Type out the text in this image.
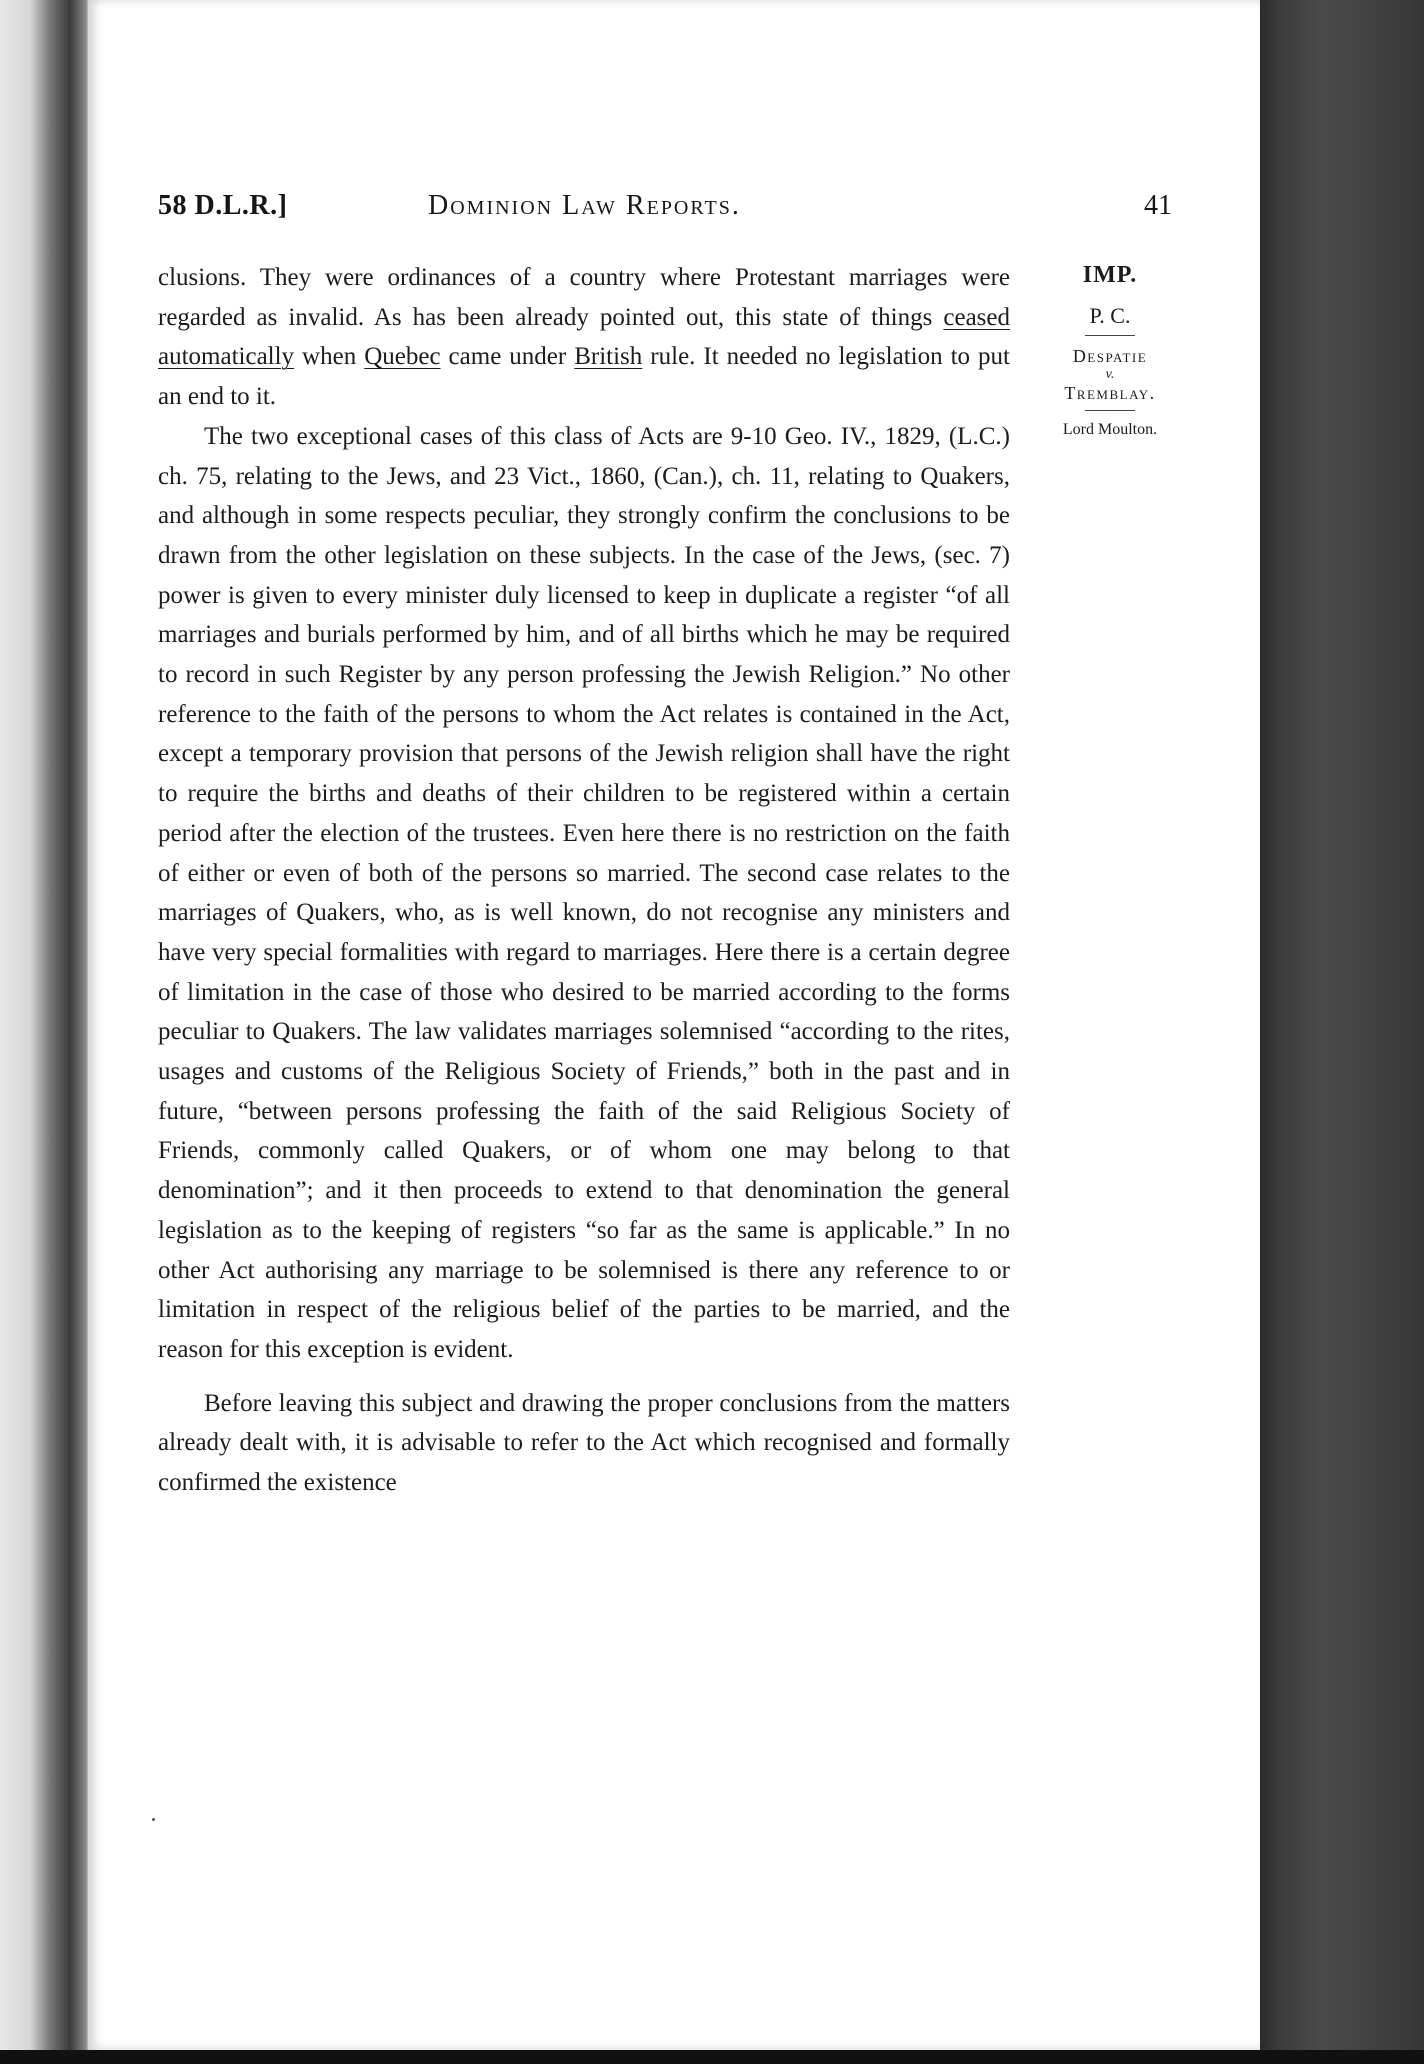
58 D.L.R.]	Dominion Law Reports.	41
IMP.
P. C.
Despatie
v.
Tremblay.
Lord Moulton.

clusions. They were ordinances of a country where Protestant marriages were regarded as invalid. As has been already pointed out, this state of things ceased automatically when Quebec came under British rule. It needed no legislation to put an end to it.

The two exceptional cases of this class of Acts are 9-10 Geo. IV., 1829, (L.C.) ch. 75, relating to the Jews, and 23 Vict., 1860, (Can.), ch. 11, relating to Quakers, and although in some respects peculiar, they strongly confirm the conclusions to be drawn from the other legislation on these subjects. In the case of the Jews, (sec. 7) power is given to every minister duly licensed to keep in duplicate a register “of all marriages and burials performed by him, and of all births which he may be required to record in such Register by any person professing the Jewish Religion.” No other reference to the faith of the persons to whom the Act relates is contained in the Act, except a temporary provision that persons of the Jewish religion shall have the right to require the births and deaths of their children to be registered within a certain period after the election of the trustees. Even here there is no restriction on the faith of either or even of both of the persons so married. The second case relates to the marriages of Quakers, who, as is well known, do not recognise any ministers and have very special formalities with regard to marriages. Here there is a certain degree of limitation in the case of those who desired to be married according to the forms peculiar to Quakers. The law validates marriages solemnised “according to the rites, usages and customs of the Religious Society of Friends,” both in the past and in future, “between persons professing the faith of the said Religious Society of Friends, commonly called Quakers, or of whom one may belong to that denomination”; and it then proceeds to extend to that denomination the general legislation as to the keeping of registers “so far as the same is applicable.” In no other Act authorising any marriage to be solemnised is there any reference to or limitation in respect of the religious belief of the parties to be married, and the reason for this exception is evident.

Before leaving this subject and drawing the proper conclusions from the matters already dealt with, it is advisable to refer to the Act which recognised and formally confirmed the existence
